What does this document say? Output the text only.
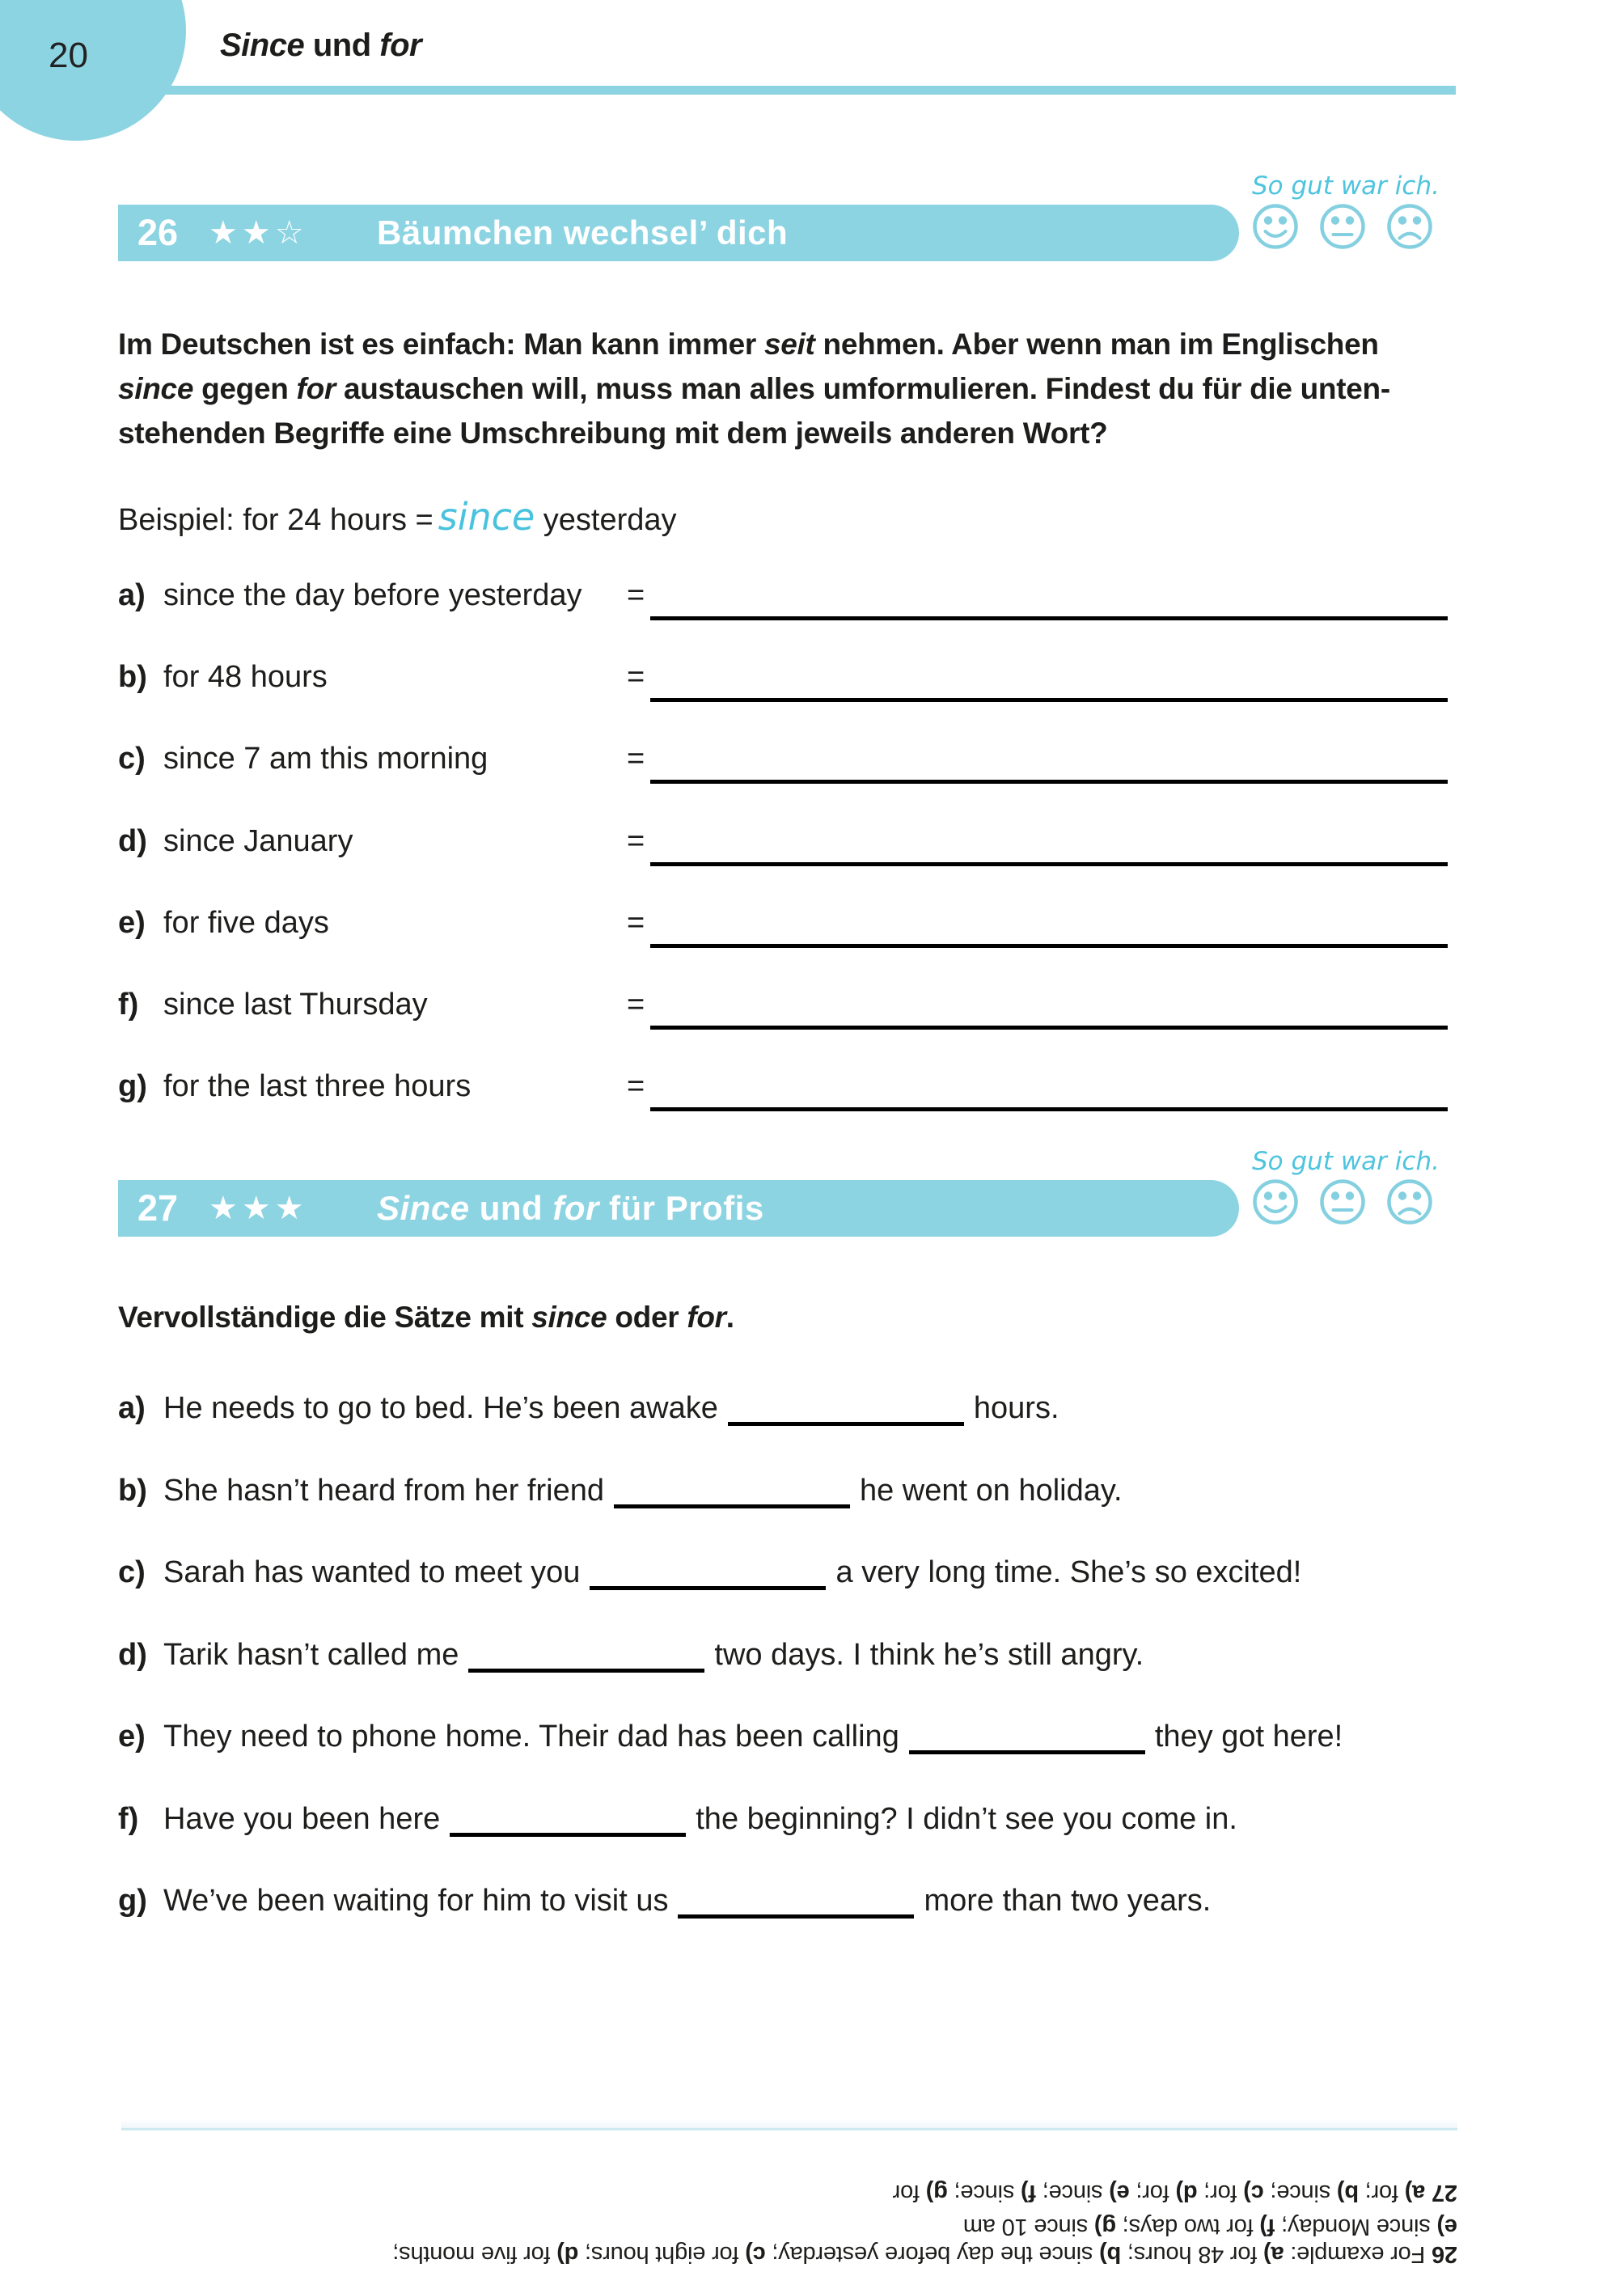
20	Since und for
So gut war ich.
26 ★★☆ Bäumchen wechsel’ dich
Im Deutschen ist es einfach: Man kann immer seit nehmen. Aber wenn man im Englischen
since gegen for austauschen will, muss man alles umformulieren. Findest du für die unten-
stehenden Begriffe eine Umschreibung mit dem jeweils anderen Wort?
Beispiel: for 24 hours = since yesterday
a) since the day before yesterday =
b) for 48 hours	=
c) since 7 am this morning	=
d) since January	=
e) for five days	=
f) since last Thursday	=
g) for the last three hours	=
So gut war ich.
27 ★★★ Since und for für Profis
Vervollständige die Sätze mit since oder for.
a) He needs to go to bed. He’s been awake	hours.
b) She hasn’t heard from her friend	he went on holiday.
c) Sarah has wanted to meet you	a very long time. She’s so excited!
d) Tarik hasn’t called me	two days. I think he’s still angry.
e) They need to phone home. Their dad has been calling	they got here!
f) Have you been here	the beginning? I didn’t see you come in.
g) We’ve been waiting for him to visit us	more than two years.
26 For example: a) for 48 hours; b) since the day before yesterday; c) for eight hours; d) for five months;
e) since Monday; f) for two days; g) since 10 am
27 a) for; b) since; c) for; d) for; e) since; f) since; g) for
